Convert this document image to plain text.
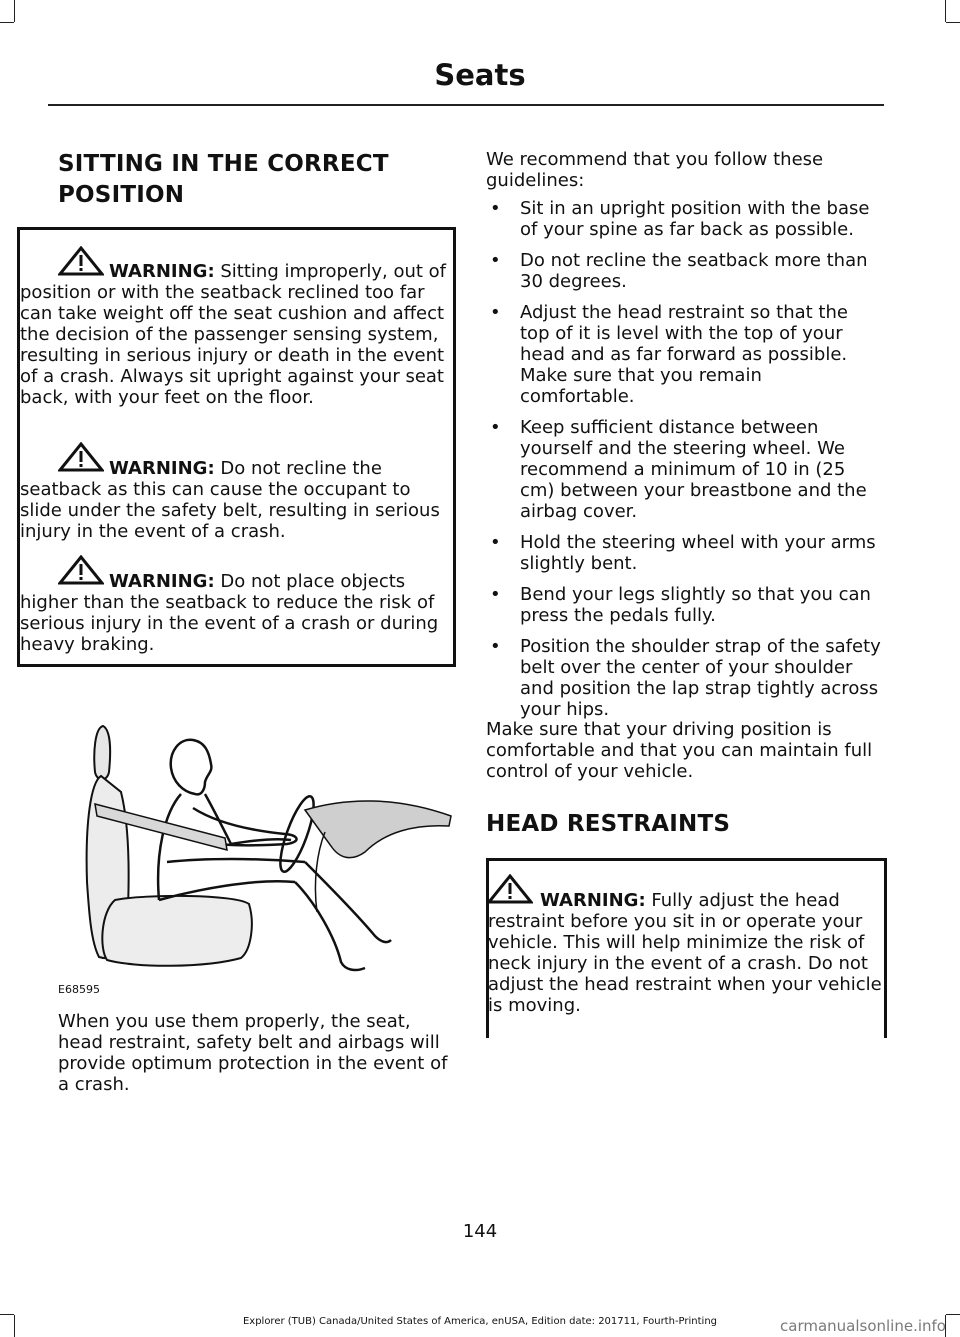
Seats
SITTING IN THE CORRECT
POSITION
E68595
When you use them properly, the seat, head restraint, safety belt and airbags will provide optimum protection in the event of a crash.
WARNING: Sitting improperly, out of position or with the seatback reclined too far can take weight off the seat cushion and affect the decision of the passenger sensing system, resulting in serious injury or death in the event of a crash. Always sit upright against your seat back, with your feet on the floor.
WARNING: Do not recline the seatback as this can cause the occupant to slide under the safety belt, resulting in serious injury in the event of a crash.
WARNING: Do not place objects higher than the seatback to reduce the risk of serious injury in the event of a crash or during heavy braking.
We recommend that you follow these guidelines:
• Sit in an upright position with the base of your spine as far back as possible.
• Do not recline the seatback more than 30 degrees.
• Adjust the head restraint so that the top of it is level with the top of your head and as far forward as possible. Make sure that you remain comfortable.
• Keep sufficient distance between yourself and the steering wheel. We recommend a minimum of 10 in (25 cm) between your breastbone and the airbag cover.
• Hold the steering wheel with your arms slightly bent.
• Bend your legs slightly so that you can press the pedals fully.
• Position the shoulder strap of the safety belt over the center of your shoulder and position the lap strap tightly across your hips.
Make sure that your driving position is comfortable and that you can maintain full control of your vehicle.
HEAD RESTRAINTS
WARNING: Fully adjust the head restraint before you sit in or operate your vehicle. This will help minimize the risk of neck injury in the event of a crash. Do not adjust the head restraint when your vehicle is moving.
144
Explorer (TUB) Canada/United States of America, enUSA, Edition date: 201711, Fourth-Printing	carmanualsonline.info
